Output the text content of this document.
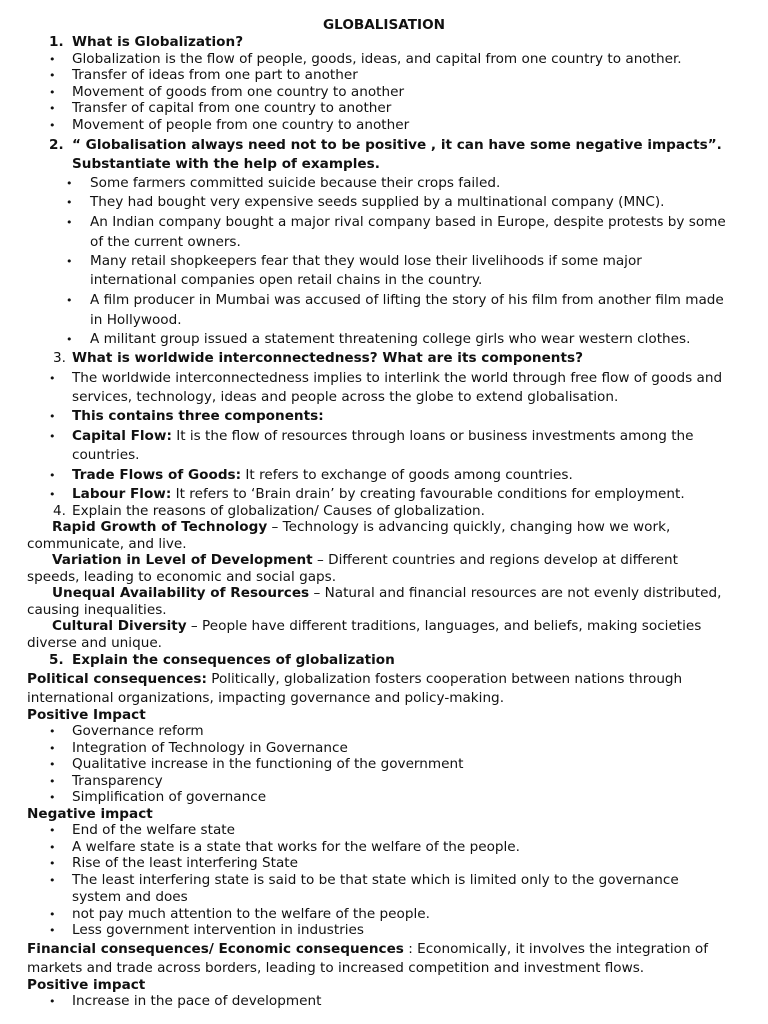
GLOBALISATION
1. What is Globalization?
• Globalization is the flow of people, goods, ideas, and capital from one country to another.
• Transfer of ideas from one part to another
• Movement of goods from one country to another
• Transfer of capital from one country to another
• Movement of people from one country to another
2. “ Globalisation always need not to be positive , it can have some negative impacts”.
Substantiate with the help of examples.
• Some farmers committed suicide because their crops failed.
• They had bought very expensive seeds supplied by a multinational company (MNC).
• An Indian company bought a major rival company based in Europe, despite protests by some
of the current owners.
• Many retail shopkeepers fear that they would lose their livelihoods if some major
international companies open retail chains in the country.
• A film producer in Mumbai was accused of lifting the story of his film from another film made
in Hollywood.
• A militant group issued a statement threatening college girls who wear western clothes.
3. What is worldwide interconnectedness? What are its components?
• The worldwide interconnectedness implies to interlink the world through free flow of goods and
services, technology, ideas and people across the globe to extend globalisation.
• This contains three components:
• Capital Flow: It is the flow of resources through loans or business investments among the
countries.
• Trade Flows of Goods: It refers to exchange of goods among countries.
• Labour Flow: It refers to ‘Brain drain’ by creating favourable conditions for employment.
4. Explain the reasons of globalization/ Causes of globalization.
Rapid Growth of Technology – Technology is advancing quickly, changing how we work,
communicate, and live.
Variation in Level of Development – Different countries and regions develop at different
speeds, leading to economic and social gaps.
Unequal Availability of Resources – Natural and financial resources are not evenly distributed,
causing inequalities.
Cultural Diversity – People have different traditions, languages, and beliefs, making societies
diverse and unique.
5. Explain the consequences of globalization
Political consequences: Politically, globalization fosters cooperation between nations through
international organizations, impacting governance and policy-making.
Positive Impact
• Governance reform
• Integration of Technology in Governance
• Qualitative increase in the functioning of the government
• Transparency
• Simplification of governance
Negative impact
• End of the welfare state
• A welfare state is a state that works for the welfare of the people.
• Rise of the least interfering State
• The least interfering state is said to be that state which is limited only to the governance
system and does
• not pay much attention to the welfare of the people.
• Less government intervention in industries
Financial consequences/ Economic consequences : Economically, it involves the integration of
markets and trade across borders, leading to increased competition and investment flows.
Positive impact
• Increase in the pace of development
